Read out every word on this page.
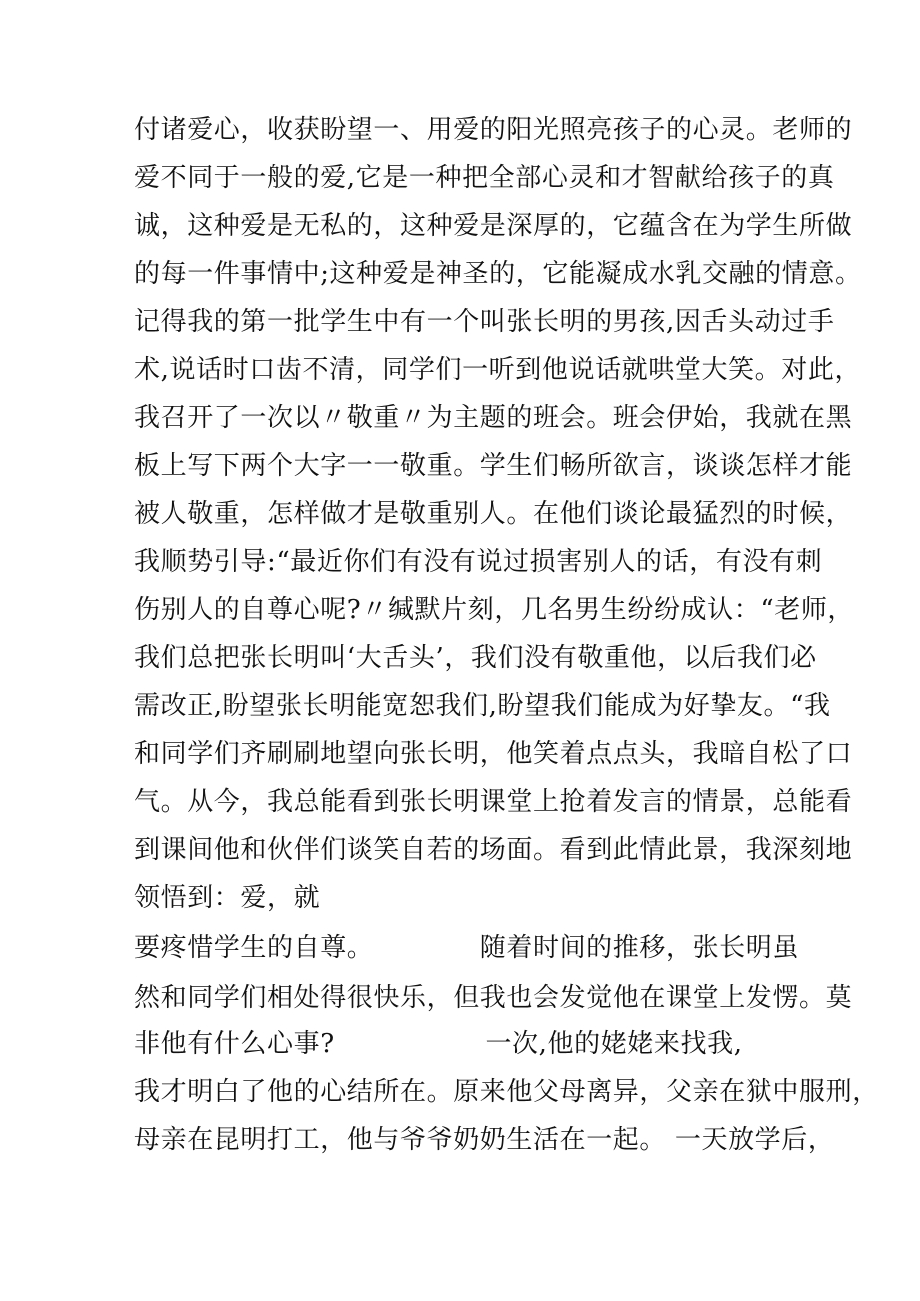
付诸爱心，收获盼望一、用爱的阳光照亮孩子的心灵。老师的

爱不同于一般的爱,它是一种把全部心灵和才智献给孩子的真

诚，这种爱是无私的，这种爱是深厚的，它蕴含在为学生所做

的每一件事情中;这种爱是神圣的，它能凝成水乳交融的情意。

记得我的第一批学生中有一个叫张长明的男孩,因舌头动过手

术,说话时口齿不清，同学们一听到他说话就哄堂大笑。对此，

我召开了一次以〃敬重〃为主题的班会。班会伊始，我就在黑

板上写下两个大字一一敬重。学生们畅所欲言，谈谈怎样才能

被人敬重，怎样做才是敬重别人。在他们谈论最猛烈的时候，

我顺势引导:“最近你们有没有说过损害别人的话，有没有刺

伤别人的自尊心呢?〃缄默片刻，几名男生纷纷成认：“老师，

我们总把张长明叫‘大舌头’，我们没有敬重他，以后我们必

需改正,盼望张长明能宽恕我们,盼望我们能成为好挚友。“我

和同学们齐刷刷地望向张长明，他笑着点点头，我暗自松了口

气。从今，我总能看到张长明课堂上抢着发言的情景，总能看

到课间他和伙伴们谈笑自若的场面。看到此情此景，我深刻地

领悟到：爱，就

要疼惜学生的自尊。            随着时间的推移，张长明虽

然和同学们相处得很快乐，但我也会发觉他在课堂上发愣。莫

非他有什么心事?                 一次,他的姥姥来找我,

我才明白了他的心结所在。原来他父母离异，父亲在狱中服刑，

母亲在昆明打工，他与爷爷奶奶生活在一起。 一天放学后，
